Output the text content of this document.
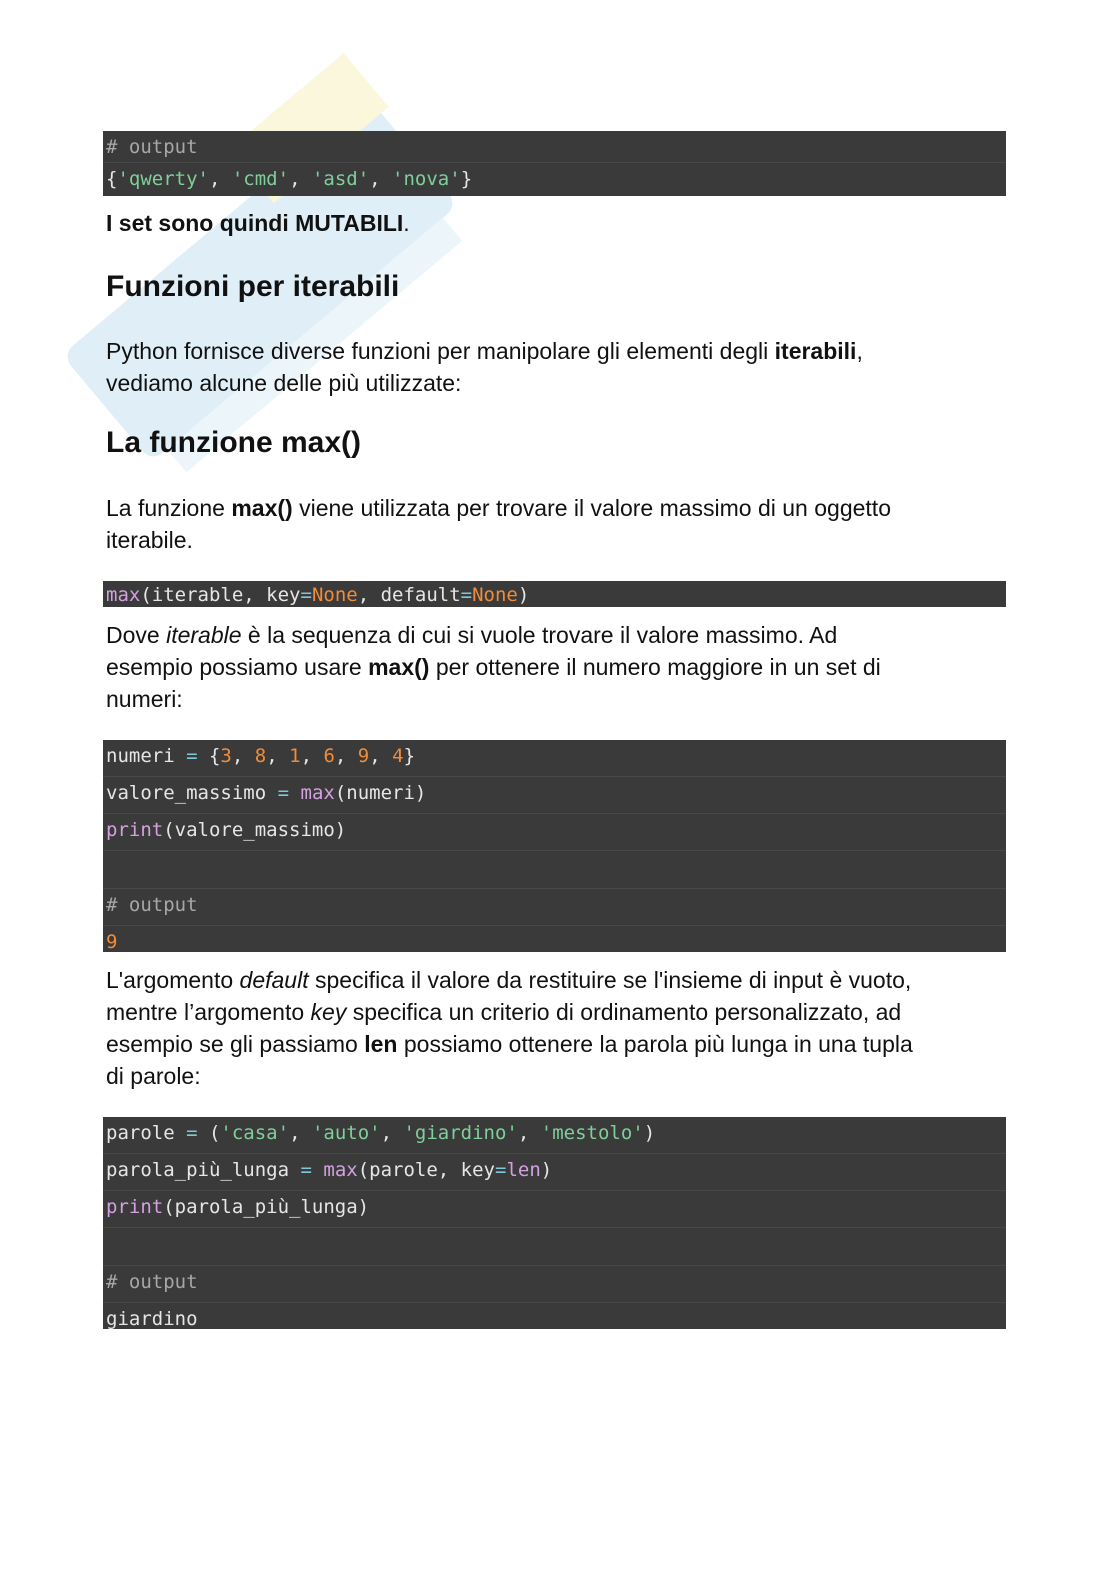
# output
{'qwerty', 'cmd', 'asd', 'nova'}
I set sono quindi MUTABILI.
Funzioni per iterabili
Python fornisce diverse funzioni per manipolare gli elementi degli iterabili,
vediamo alcune delle più utilizzate:
La funzione max()
La funzione max() viene utilizzata per trovare il valore massimo di un oggetto
iterabile.
max(iterable, key=None, default=None)
Dove iterable è la sequenza di cui si vuole trovare il valore massimo. Ad
esempio possiamo usare max() per ottenere il numero maggiore in un set di
numeri:
numeri = {3, 8, 1, 6, 9, 4}
valore_massimo = max(numeri)
print(valore_massimo)
# output
9
L'argomento default specifica il valore da restituire se l'insieme di input è vuoto,
mentre l’argomento key specifica un criterio di ordinamento personalizzato, ad
esempio se gli passiamo len possiamo ottenere la parola più lunga in una tupla
di parole:
parole = ('casa', 'auto', 'giardino', 'mestolo')
parola_più_lunga = max(parole, key=len)
print(parola_più_lunga)
# output
giardino
